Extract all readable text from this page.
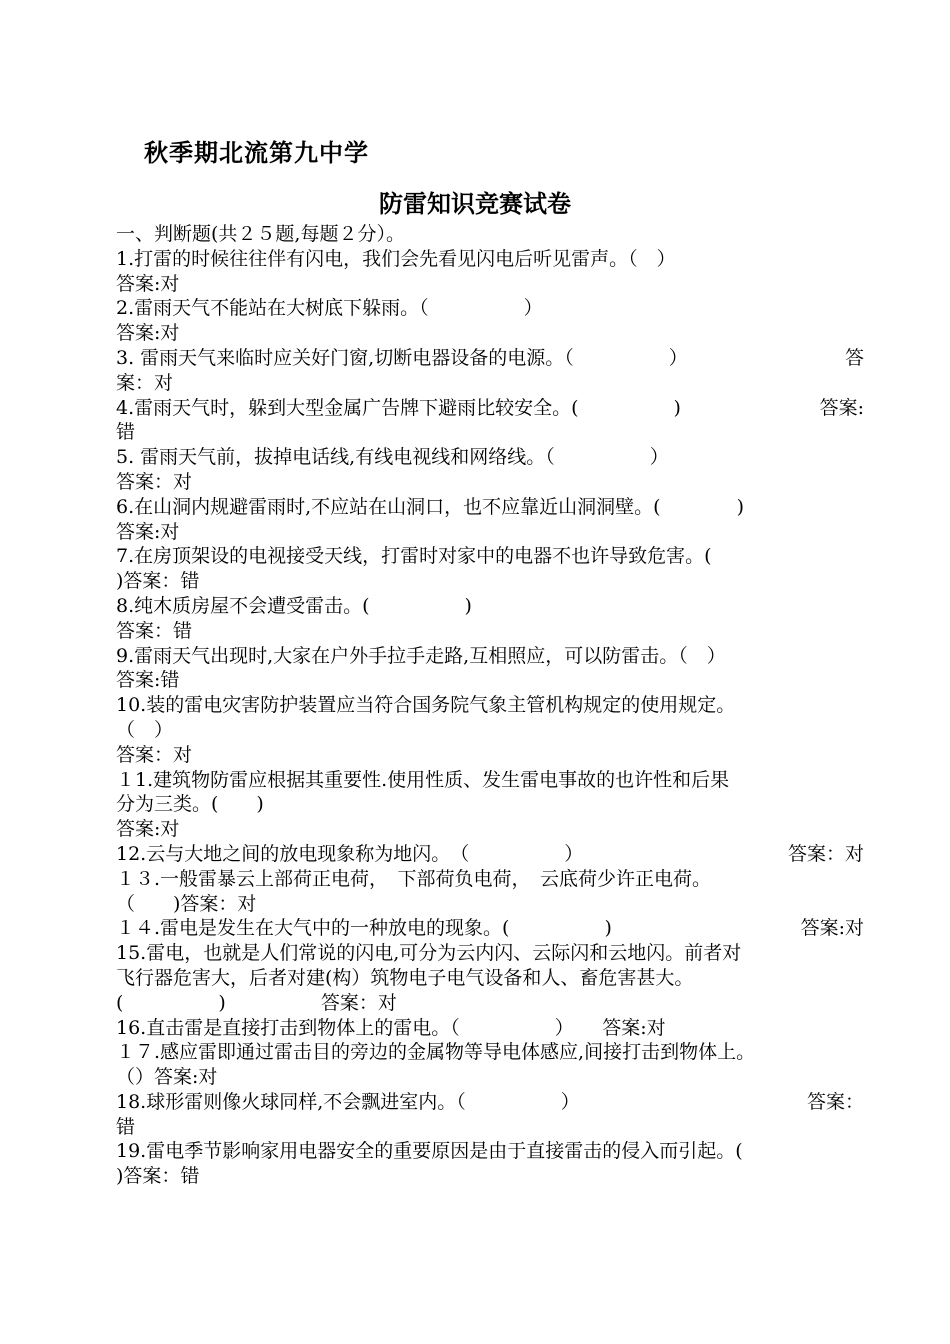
秋季期北流第九中学
防雷知识竞赛试卷
一、判断题(共２５题,每题２分）。
1.打雷的时候往往伴有闪电，我们会先看见闪电后听见雷声。（　）
答案:对
2.雷雨天气不能站在大树底下躲雨。（　　　　　）
答案:对
3. 雷雨天气来临时应关好门窗,切断电器设备的电源。（　　　　　）	答
案：对
4.雷雨天气时，躲到大型金属广告牌下避雨比较安全。(　　　　　)	答案:
错
5. 雷雨天气前，拔掉电话线,有线电视线和网络线。（　　　　　）
答案：对
6.在山洞内规避雷雨时,不应站在山洞口，也不应靠近山洞洞壁。(　　　　)
答案:对
7.在房顶架设的电视接受天线，打雷时对家中的电器不也许导致危害。(
)答案：错
8.纯木质房屋不会遭受雷击。(　　　　　)
答案：错
9.雷雨天气出现时,大家在户外手拉手走路,互相照应，可以防雷击。（　）
答案:错
10.装的雷电灾害防护装置应当符合国务院气象主管机构规定的使用规定。
（　）
答案：对
１1.建筑物防雷应根据其重要性.使用性质、发生雷电事故的也许性和后果
分为三类。(　　)
答案:对
12.云与大地之间的放电现象称为地闪。　（　　　　　）	答案：对
１３.一般雷暴云上部荷正电荷，　下部荷负电荷，　云底荷少许正电荷。
（　　)答案：对
１４.雷电是发生在大气中的一种放电的现象。(　　　　　)	答案:对
15.雷电，也就是人们常说的闪电,可分为云内闪、云际闪和云地闪。前者对
飞行器危害大，后者对建(构）筑物电子电气设备和人、畜危害甚大。
(　　　　　)　　　　　答案：对
16.直击雷是直接打击到物体上的雷电。（　　　　　）　　答案:对
１７.感应雷即通过雷击目的旁边的金属物等导电体感应,间接打击到物体上。
（）答案:对
18.球形雷则像火球同样,不会飘进室内。（　　　　　）	答案：
错
19.雷电季节影响家用电器安全的重要原因是由于直接雷击的侵入而引起。(
)答案：错
